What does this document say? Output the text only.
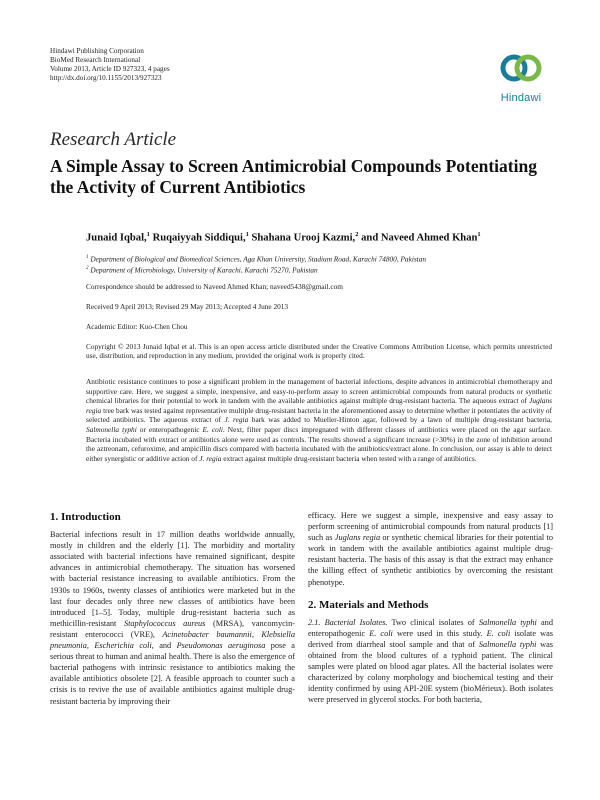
Hindawi Publishing Corporation
BioMed Research International
Volume 2013, Article ID 927323, 4 pages
http://dx.doi.org/10.1155/2013/927323
Hindawi
Research Article
A Simple Assay to Screen Antimicrobial Compounds Potentiating the Activity of Current Antibiotics
Junaid Iqbal,$^1$ Ruqaiyyah Siddiqui,$^1$ Shahana Urooj Kazmi,$^2$ and Naveed Ahmed Khan$^1$
$^1$ Department of Biological and Biomedical Sciences, Aga Khan University, Stadium Road, Karachi 74800, Pakistan
$^2$ Department of Microbiology, University of Karachi, Karachi 75270, Pakistan
Correspondence should be addressed to Naveed Ahmed Khan; naveed5438@gmail.com
Received 9 April 2013; Revised 29 May 2013; Accepted 4 June 2013
Academic Editor: Kuo-Chen Chou
Copyright © 2013 Junaid Iqbal et al. This is an open access article distributed under the Creative Commons Attribution License, which permits unrestricted use, distribution, and reproduction in any medium, provided the original work is properly cited.
Antibiotic resistance continues to pose a significant problem in the management of bacterial infections, despite advances in antimicrobial chemotherapy and supportive care. Here, we suggest a simple, inexpensive, and easy-to-perform assay to screen antimicrobial compounds from natural products or synthetic chemical libraries for their potential to work in tandem with the available antibiotics against multiple drug-resistant bacteria. The aqueous extract of Juglans regia tree bark was tested against representative multiple drug-resistant bacteria in the aforementioned assay to determine whether it potentiates the activity of selected antibiotics. The aqueous extract of J. regia bark was added to Mueller-Hinton agar, followed by a lawn of multiple drug-resistant bacteria, Salmonella typhi or enteropathogenic E. coli. Next, filter paper discs impregnated with different classes of antibiotics were placed on the agar surface. Bacteria incubated with extract or antibiotics alone were used as controls. The results showed a significant increase (>30%) in the zone of inhibition around the aztreonam, cefuroxime, and ampicillin discs compared with bacteria incubated with the antibiotics/extract alone. In conclusion, our assay is able to detect either synergistic or additive action of J. regia extract against multiple drug-resistant bacteria when tested with a range of antibiotics.
1. Introduction

Bacterial infections result in 17 million deaths worldwide annually, mostly in children and the elderly [1]. The morbidity and mortality associated with bacterial infections have remained significant, despite advances in antimicrobial chemotherapy. The situation has worsened with bacterial resistance increasing to available antibiotics. From the 1930s to 1960s, twenty classes of antibiotics were marketed but in the last four decades only three new classes of antibiotics have been introduced [1–5]. Today, multiple drug-resistant bacteria such as methicillin-resistant Staphylococcus aureus (MRSA), vancomycin-resistant enterococci (VRE), Acinetobacter baumannii, Klebsiella pneumonia, Escherichia coli, and Pseudomonas aeruginosa pose a serious threat to human and animal health. There is also the emergence of bacterial pathogens with intrinsic resistance to antibiotics making the available antibiotics obsolete [2]. A feasible approach to counter such a crisis is to revive the use of available antibiotics against multiple drug-resistant bacteria by improving their

efficacy. Here we suggest a simple, inexpensive and easy assay to perform screening of antimicrobial compounds from natural products [1] such as Juglans regia or synthetic chemical libraries for their potential to work in tandem with the available antibiotics against multiple drug-resistant bacteria. The basis of this assay is that the extract may enhance the killing effect of synthetic antibiotics by overcoming the resistant phenotype.

2. Materials and Methods

2.1. Bacterial Isolates. Two clinical isolates of Salmonella typhi and enteropathogenic E. coli were used in this study. E. coli isolate was derived from diarrheal stool sample and that of Salmonella typhi was obtained from the blood cultures of a typhoid patient. The clinical samples were plated on blood agar plates. All the bacterial isolates were characterized by colony morphology and biochemical testing and their identity confirmed by using API-20E system (bioMérieux). Both isolates were preserved in glycerol stocks. For both bacteria,
